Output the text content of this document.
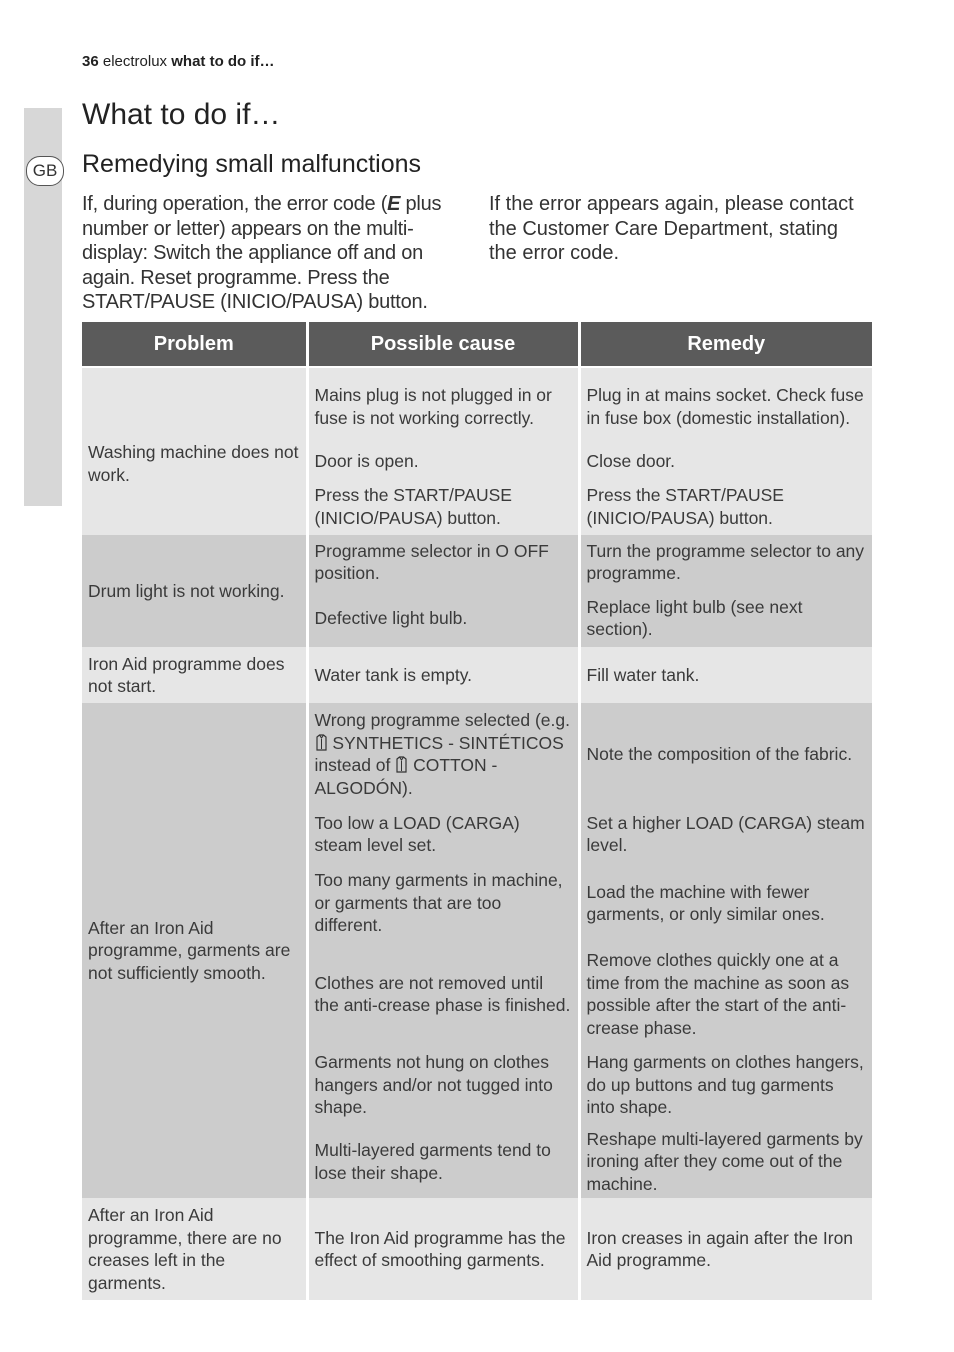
GB
36 electrolux what to do if…
What to do if…
Remedying small malfunctions

If, during operation, the error code (E plus number or letter) appears on the multi-display: Switch the appliance off and on again. Reset programme. Press the START/PAUSE (INICIO/PAUSA) button.

If the error appears again, please contact the Customer Care Department, stating the error code.

Problem	Possible cause	Remedy
Washing machine does not work.	Mains plug is not plugged in or fuse is not working correctly.	Plug in at mains socket. Check fuse in fuse box (domestic installation).
	Door is open.	Close door.
	Press the START/PAUSE (INICIO/PAUSA) button.	Press the START/PAUSE (INICIO/PAUSA) button.
Drum light is not working.	Programme selector in O OFF position.	Turn the programme selector to any programme.
	Defective light bulb.	Replace light bulb (see next section).
Iron Aid programme does not start.	Water tank is empty.	Fill water tank.
After an Iron Aid programme, garments are not sufficiently smooth.	Wrong programme selected (e.g.  SYNTHETICS - SINTÉTICOS instead of  COTTON - ALGODÓN).	Note the composition of the fabric.
	Too low a LOAD (CARGA) steam level set.	Set a higher LOAD (CARGA) steam level.
	Too many garments in machine, or garments that are too different.	Load the machine with fewer garments, or only similar ones.
	Clothes are not removed until the anti-crease phase is finished.	Remove clothes quickly one at a time from the machine as soon as possible after the start of the anti-crease phase.
	Garments not hung on clothes hangers and/or not tugged into shape.	Hang garments on clothes hangers, do up buttons and tug garments into shape.
	Multi-layered garments tend to lose their shape.	Reshape multi-layered garments by ironing after they come out of the machine.
After an Iron Aid programme, there are no creases left in the garments.	The Iron Aid programme has the effect of smoothing garments.	Iron creases in again after the Iron Aid programme.
